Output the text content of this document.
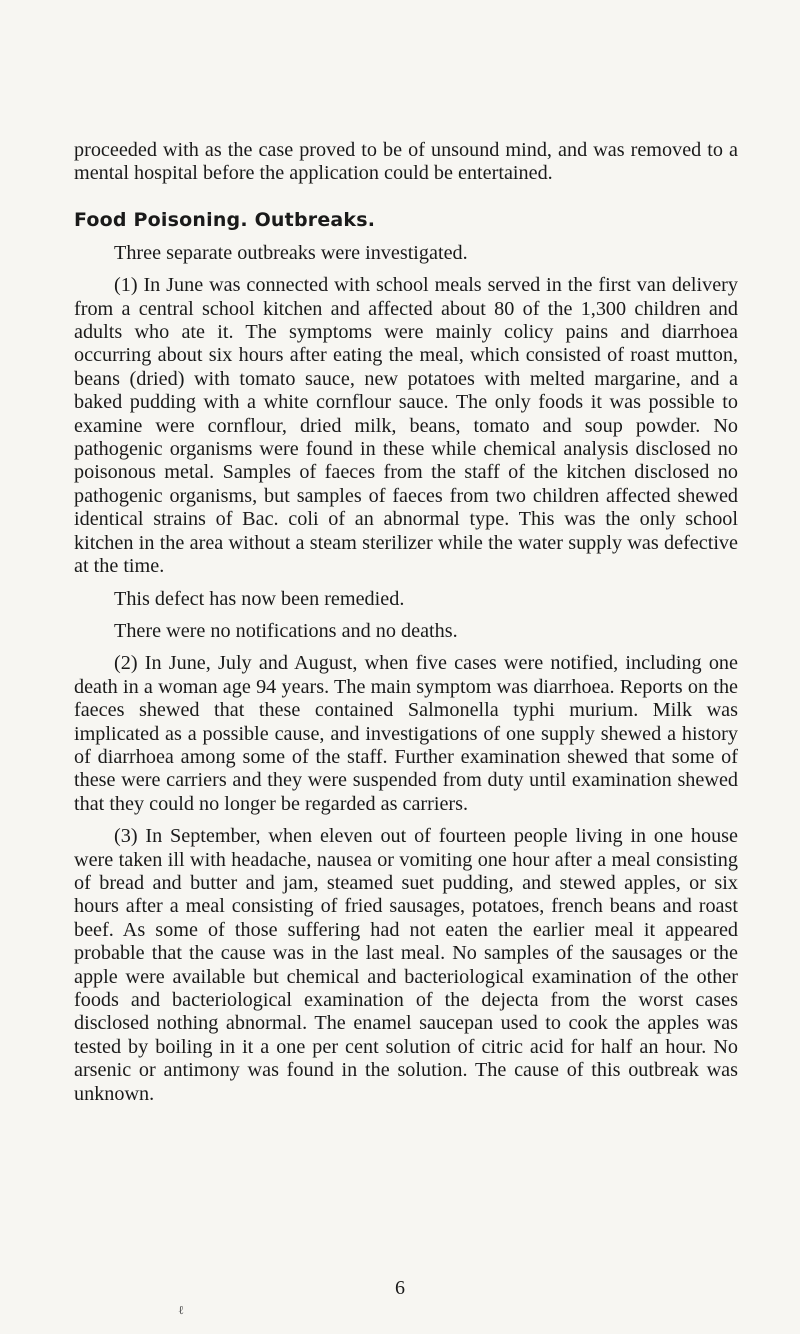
proceeded with as the case proved to be of unsound mind, and was removed to a mental hospital before the application could be entertained.

Food Poisoning. Outbreaks.

Three separate outbreaks were investigated.

(1) In June was connected with school meals served in the first van delivery from a central school kitchen and affected about 80 of the 1,300 children and adults who ate it. The symptoms were mainly colicy pains and diarrhoea occurring about six hours after eating the meal, which consisted of roast mutton, beans (dried) with tomato sauce, new potatoes with melted margarine, and a baked pudding with a white cornflour sauce. The only foods it was possible to examine were cornflour, dried milk, beans, tomato and soup powder. No pathogenic organisms were found in these while chemical analysis disclosed no poisonous metal. Samples of faeces from the staff of the kitchen disclosed no pathogenic organisms, but samples of faeces from two children affected shewed identical strains of Bac. coli of an abnormal type. This was the only school kitchen in the area without a steam sterilizer while the water supply was defective at the time.

This defect has now been remedied.

There were no notifications and no deaths.

(2) In June, July and August, when five cases were notified, including one death in a woman age 94 years. The main symptom was diarrhoea. Reports on the faeces shewed that these contained Salmonella typhi murium. Milk was implicated as a possible cause, and investigations of one supply shewed a history of diarrhoea among some of the staff. Further examination shewed that some of these were carriers and they were suspended from duty until examination shewed that they could no longer be regarded as carriers.

(3) In September, when eleven out of fourteen people living in one house were taken ill with headache, nausea or vomiting one hour after a meal consisting of bread and butter and jam, steamed suet pudding, and stewed apples, or six hours after a meal consisting of fried sausages, potatoes, french beans and roast beef. As some of those suffering had not eaten the earlier meal it appeared probable that the cause was in the last meal. No samples of the sausages or the apple were available but chemical and bacteriological examination of the other foods and bacteriological examination of the dejecta from the worst cases disclosed nothing abnormal. The enamel saucepan used to cook the apples was tested by boiling in it a one per cent solution of citric acid for half an hour. No arsenic or antimony was found in the solution. The cause of this outbreak was unknown.

6
ℓ
